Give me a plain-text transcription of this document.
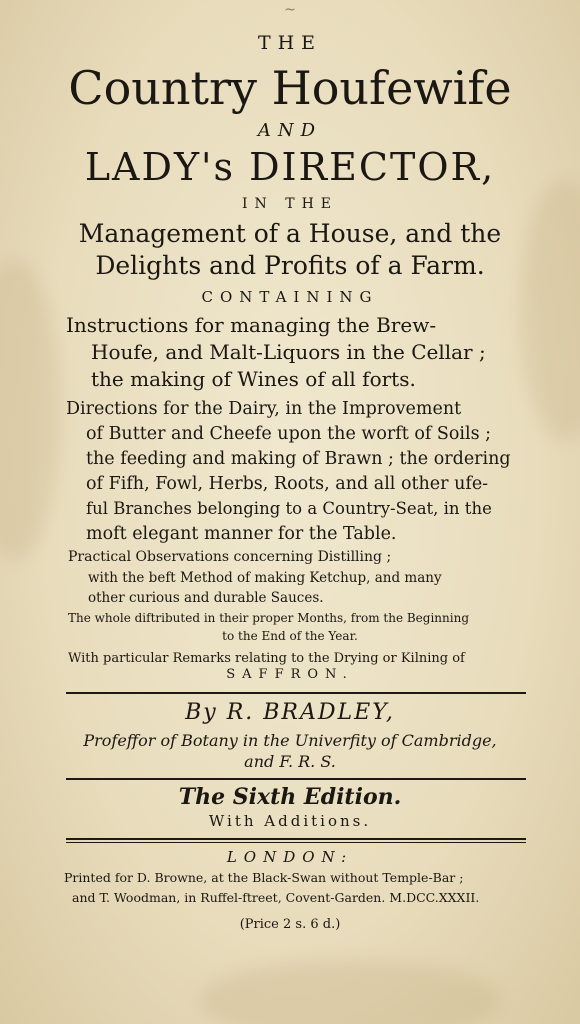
~
THE
Country Houfewife
AND
LADY's DIRECTOR,
IN THE
Management of a House, and the
Delights and Profits of a Farm.
CONTAINING
Instructions for managing the Brew-
Houfe, and Malt-Liquors in the Cellar ;
the making of Wines of all forts.
Directions for the Dairy, in the Improvement
of Butter and Cheefe upon the worft of Soils ;
the feeding and making of Brawn ; the ordering
of Fifh, Fowl, Herbs, Roots, and all other ufe-
ful Branches belonging to a Country-Seat, in the
moft elegant manner for the Table.
Practical Observations concerning Distilling ;
with the beft Method of making Ketchup, and many
other curious and durable Sauces.
The whole diftributed in their proper Months, from the Beginning
to the End of the Year.
With particular Remarks relating to the Drying or Kilning of
SAFFRON.
By R. BRADLEY,
Profeffor of Botany in the Univerfity of Cambridge,
and F. R. S.
The Sixth Edition.
With Additions.
LONDON:
Printed for D. Browne, at the Black-Swan without Temple-Bar ;
and T. Woodman, in Ruffel-ftreet, Covent-Garden. M.DCC.XXXII.
(Price 2 s. 6 d.)
